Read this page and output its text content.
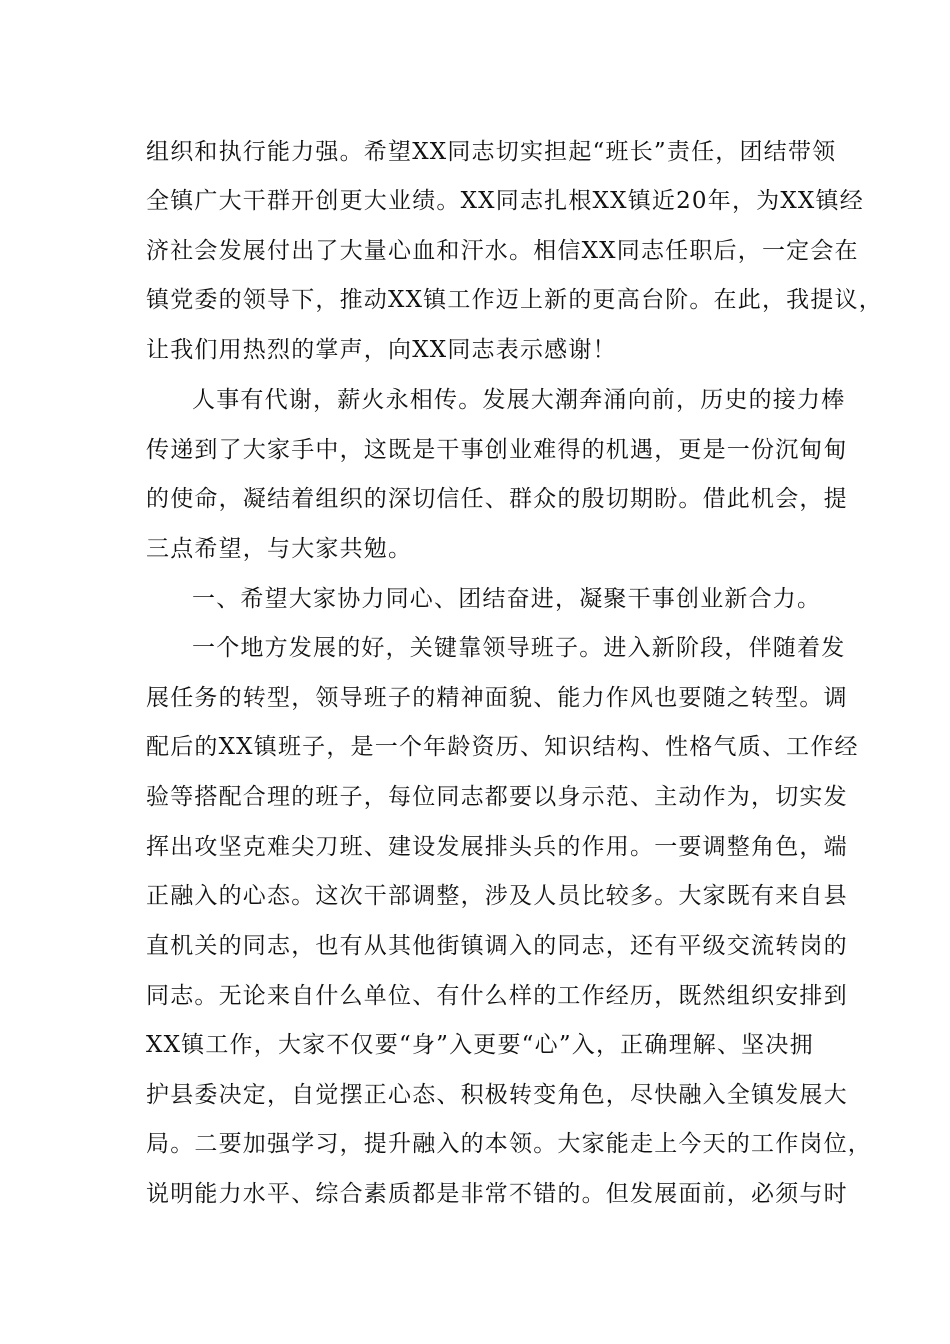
组织和执行能力强。希望XX同志切实担起“班长”责任，团结带领
全镇广大干群开创更大业绩。XX同志扎根XX镇近20年，为XX镇经
济社会发展付出了大量心血和汗水。相信XX同志任职后，一定会在
镇党委的领导下，推动XX镇工作迈上新的更高台阶。在此，我提议，
让我们用热烈的掌声，向XX同志表示感谢！
人事有代谢，薪火永相传。发展大潮奔涌向前，历史的接力棒
传递到了大家手中，这既是干事创业难得的机遇，更是一份沉甸甸
的使命，凝结着组织的深切信任、群众的殷切期盼。借此机会，提
三点希望，与大家共勉。
一、希望大家协力同心、团结奋进，凝聚干事创业新合力。
一个地方发展的好，关键靠领导班子。进入新阶段，伴随着发
展任务的转型，领导班子的精神面貌、能力作风也要随之转型。调
配后的XX镇班子，是一个年龄资历、知识结构、性格气质、工作经
验等搭配合理的班子，每位同志都要以身示范、主动作为，切实发
挥出攻坚克难尖刀班、建设发展排头兵的作用。一要调整角色，端
正融入的心态。这次干部调整，涉及人员比较多。大家既有来自县
直机关的同志，也有从其他街镇调入的同志，还有平级交流转岗的
同志。无论来自什么单位、有什么样的工作经历，既然组织安排到
XX镇工作，大家不仅要“身”入更要“心”入，正确理解、坚决拥
护县委决定，自觉摆正心态、积极转变角色，尽快融入全镇发展大
局。二要加强学习，提升融入的本领。大家能走上今天的工作岗位，
说明能力水平、综合素质都是非常不错的。但发展面前，必须与时
